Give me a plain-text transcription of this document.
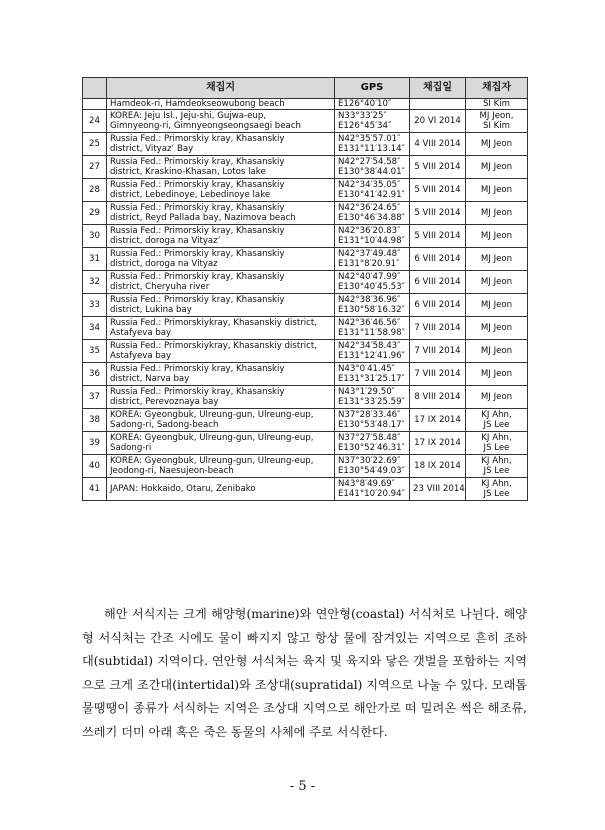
	채집지	GPS	채집일	채집자

	Hamdeok-ri, Hamdeokseowubong beach	E126°40′10″		SI Kim

24	KOREA: Jeju Isl., Jeju-shi, Gujwa-eup,
Gimnyeong-ri, Gimnyeongseongsaegi beach	N33°33′25″
E126°45′34″	20 VI 2014	MJ Jeon,
SI Kim

25	Russia Fed.: Primorskiy kray, Khasanskiy
district, Vityaz’ Bay	N42°35′57.01″
E131°11′13.14″	4 VIII 2014	MJ Jeon

27	Russia Fed.: Primorskiy kray, Khasanskiy
district, Kraskino-Khasan, Lotos lake	N42°27′54.58″
E130°38′44.01″	5 VIII 2014	MJ Jeon

28	Russia Fed.: Primorskiy kray, Khasanskiy
district, Lebedinoye, Lebedinoye lake	N42°34′35.05″
E130°41′42.91″	5 VIII 2014	MJ Jeon

29	Russia Fed.: Primorskiy kray, Khasanskiy
district, Reyd Pallada bay, Nazimova beach	N42°36′24.65″
E130°46′34.88″	5 VIII 2014	MJ Jeon

30	Russia Fed.: Primorskiy kray, Khasanskiy
district, doroga na Vityaz’	N42°36′20.83″
E131°10′44.98″	5 VIII 2014	MJ Jeon

31	Russia Fed.: Primorskiy kray, Khasanskiy
district, doroga na Vityaz	N42°37′49.48″
E131°8′20.91″	6 VIII 2014	MJ Jeon

32	Russia Fed.: Primorskiy kray, Khasanskiy
district, Cheryuha river	N42°40′47.99″
E130°40′45.53″	6 VIII 2014	MJ Jeon

33	Russia Fed.: Primorskiy kray, Khasanskiy
district, Lukina bay	N42°38′36.96″
E130°58′16.32″	6 VIII 2014	MJ Jeon

34	Russia Fed.: Primorskiykray, Khasanskiy district,
Astafyeva bay	N42°36′46.56″
E131°11′58.98″	7 VIII 2014	MJ Jeon

35	Russia Fed.: Primorskiykray, Khasanskiy district,
Astafyeva bay	N42°34′58.43″
E131°12′41.96″	7 VIII 2014	MJ Jeon

36	Russia Fed.: Primorskiy kray, Khasanskiy
district, Narva bay	N43°0′41.45″
E131°31′25.17″	7 VIII 2014	MJ Jeon

37	Russia Fed.: Primorskiy kray, Khasanskiy
district, Perevoznaya bay	N43°1′29.50″
E131°33′25.59″	8 VIII 2014	MJ Jeon

38	KOREA: Gyeongbuk, Ulreung-gun, Ulreung-eup,
Sadong-ri, Sadong-beach	N37°28′33.46″
E130°53′48.17″	17 IX 2014	KJ Ahn,
JS Lee

39	KOREA: Gyeongbuk, Ulreung-gun, Ulreung-eup,
Sadong-ri	N37°27′58.48″
E130°52′46.31″	17 IX 2014	KJ Ahn,
JS Lee

40	KOREA: Gyeongbuk, Ulreung-gun, Ulreung-eup,
Jeodong-ri, Naesujeon-beach	N37°30′22.69″
E130°54′49.03″	18 IX 2014	KJ Ahn,
JS Lee

41	JAPAN: Hokkaido, Otaru, Zenibako	N43°8′49.69″
E141°10′20.94″	23 VIII 2014	KJ Ahn,
JS Lee

해안 서식지는 크게 해양형(marine)와 연안형(coastal) 서식처로 나뉜다. 해양형 서식처는 간조 시에도 물이 빠지지 않고 항상 물에 잠겨있는 지역으로 흔히 조하대(subtidal) 지역이다. 연안형 서식처는 육지 및 육지와 닿은 갯벌을 포함하는 지역으로 크게 조간대(intertidal)와 조상대(supratidal) 지역으로 나눌 수 있다. 모래톱물땡땡이 종류가 서식하는 지역은 조상대 지역으로 해안가로 떠 밀려온 썩은 해조류, 쓰레기 더미 아래 혹은 죽은 동물의 사체에 주로 서식한다.

- 5 -
